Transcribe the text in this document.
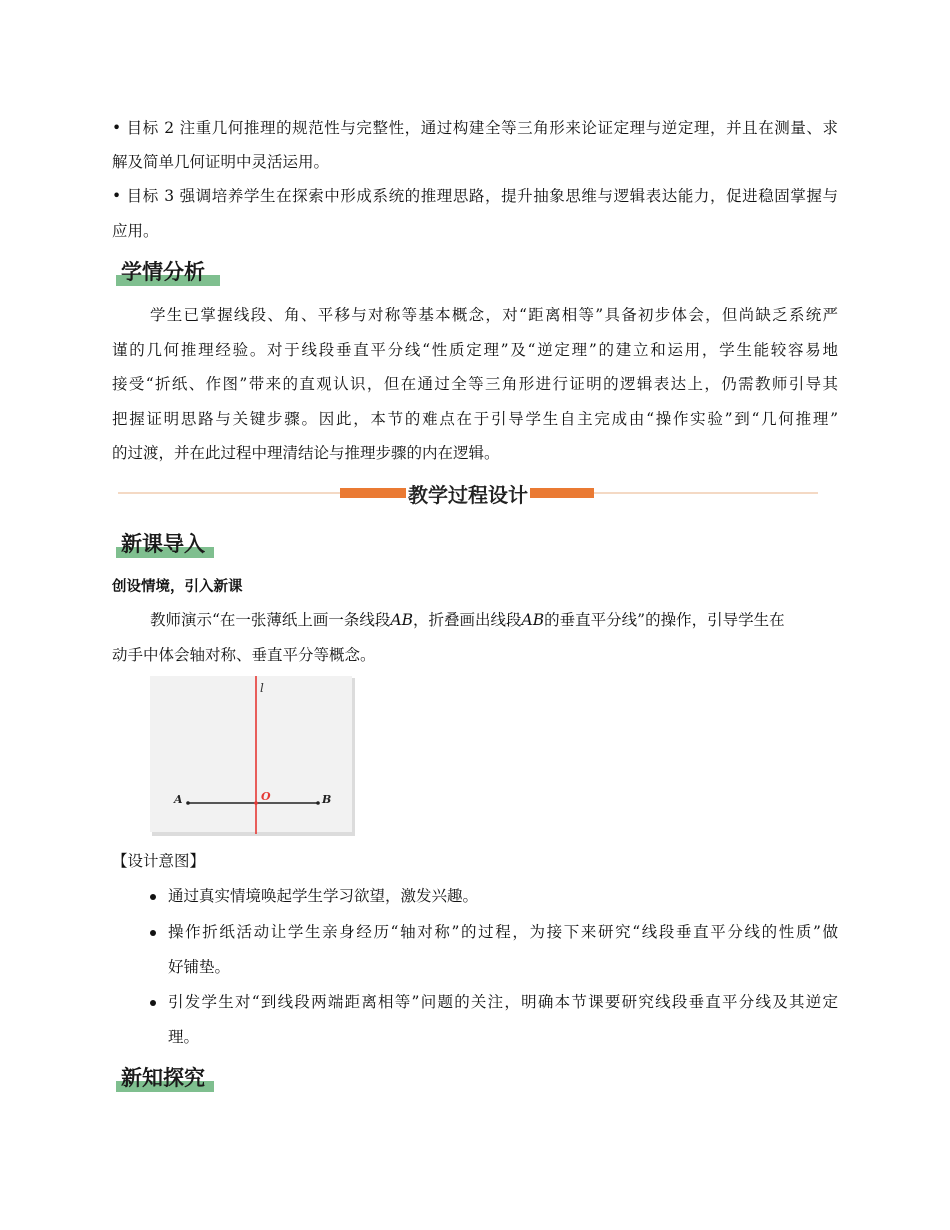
• 目标 2 注重几何推理的规范性与完整性，通过构建全等三角形来论证定理与逆定理，并且在测量、求
解及简单几何证明中灵活运用。
• 目标 3 强调培养学生在探索中形成系统的推理思路，提升抽象思维与逻辑表达能力，促进稳固掌握与
应用。
学情分析
学生已掌握线段、角、平移与对称等基本概念，对“距离相等”具备初步体会，但尚缺乏系统严
谨的几何推理经验。对于线段垂直平分线“性质定理”及“逆定理”的建立和运用，学生能较容易地
接受“折纸、作图”带来的直观认识，但在通过全等三角形进行证明的逻辑表达上，仍需教师引导其
把握证明思路与关键步骤。因此，本节的难点在于引导学生自主完成由“操作实验”到“几何推理”
的过渡，并在此过程中理清结论与推理步骤的内在逻辑。
教学过程设计
新课导入
创设情境，引入新课
教师演示“在一张薄纸上画一条线段AB，折叠画出线段AB的垂直平分线”的操作，引导学生在
动手中体会轴对称、垂直平分等概念。
l
A	O	B
【设计意图】
通过真实情境唤起学生学习欲望，激发兴趣。
操作折纸活动让学生亲身经历“轴对称”的过程，为接下来研究“线段垂直平分线的性质”做
好铺垫。
引发学生对“到线段两端距离相等”问题的关注，明确本节课要研究线段垂直平分线及其逆定
理。
新知探究
